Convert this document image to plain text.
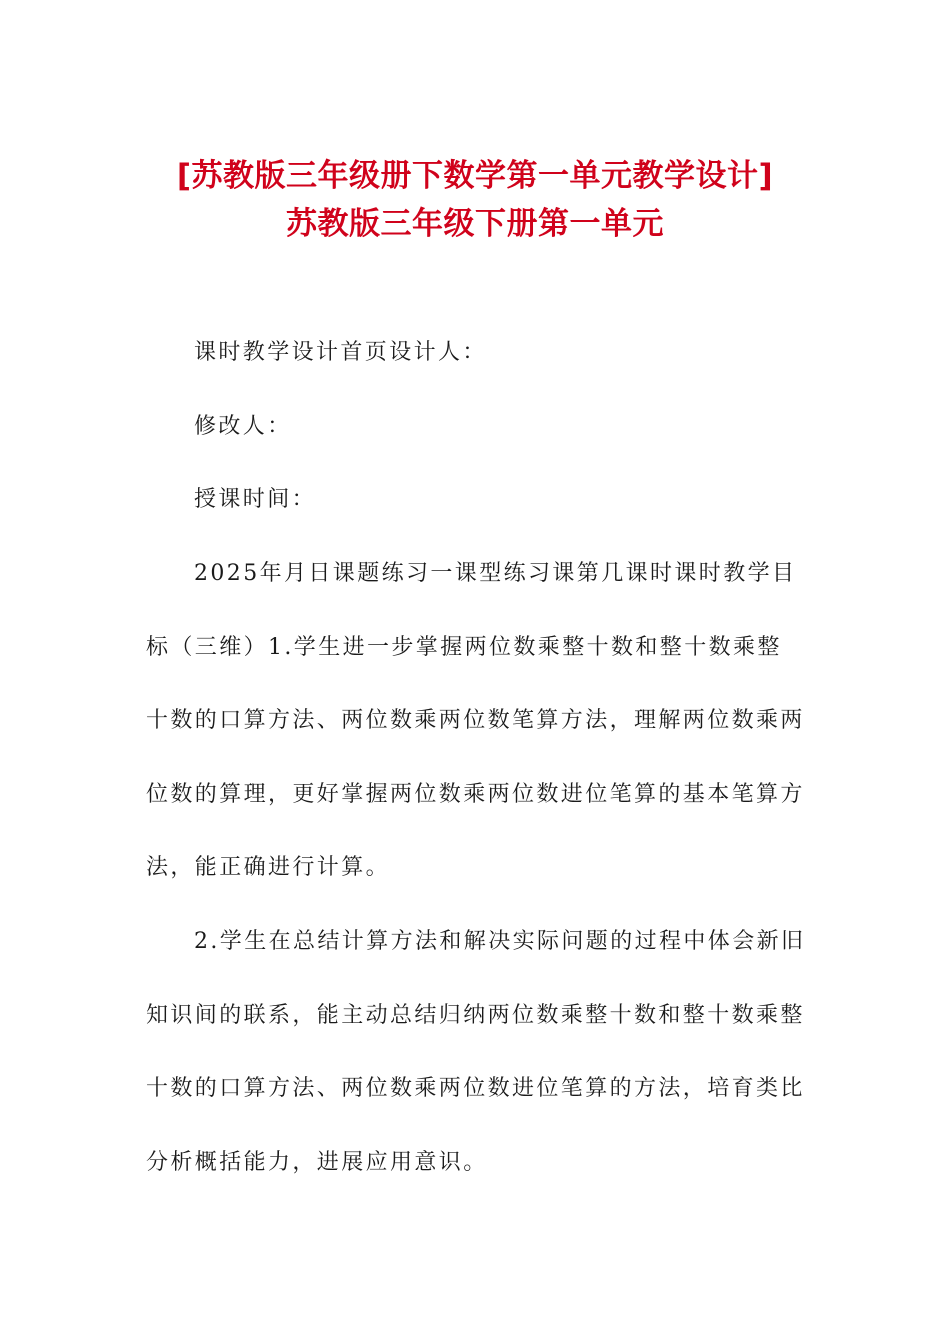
[苏教版三年级册下数学第一单元教学设计]
苏教版三年级下册第一单元

课时教学设计首页设计人：

修改人：

授课时间：

2025年月日课题练习一课型练习课第几课时课时教学目标（三维）1.学生进一步掌握两位数乘整十数和整十数乘整十数的口算方法、两位数乘两位数笔算方法，理解两位数乘两位数的算理，更好掌握两位数乘两位数进位笔算的基本笔算方法，能正确进行计算。

2.学生在总结计算方法和解决实际问题的过程中体会新旧知识间的联系，能主动总结归纳两位数乘整十数和整十数乘整十数的口算方法、两位数乘两位数进位笔算的方法，培育类比分析概括能力，进展应用意识。
